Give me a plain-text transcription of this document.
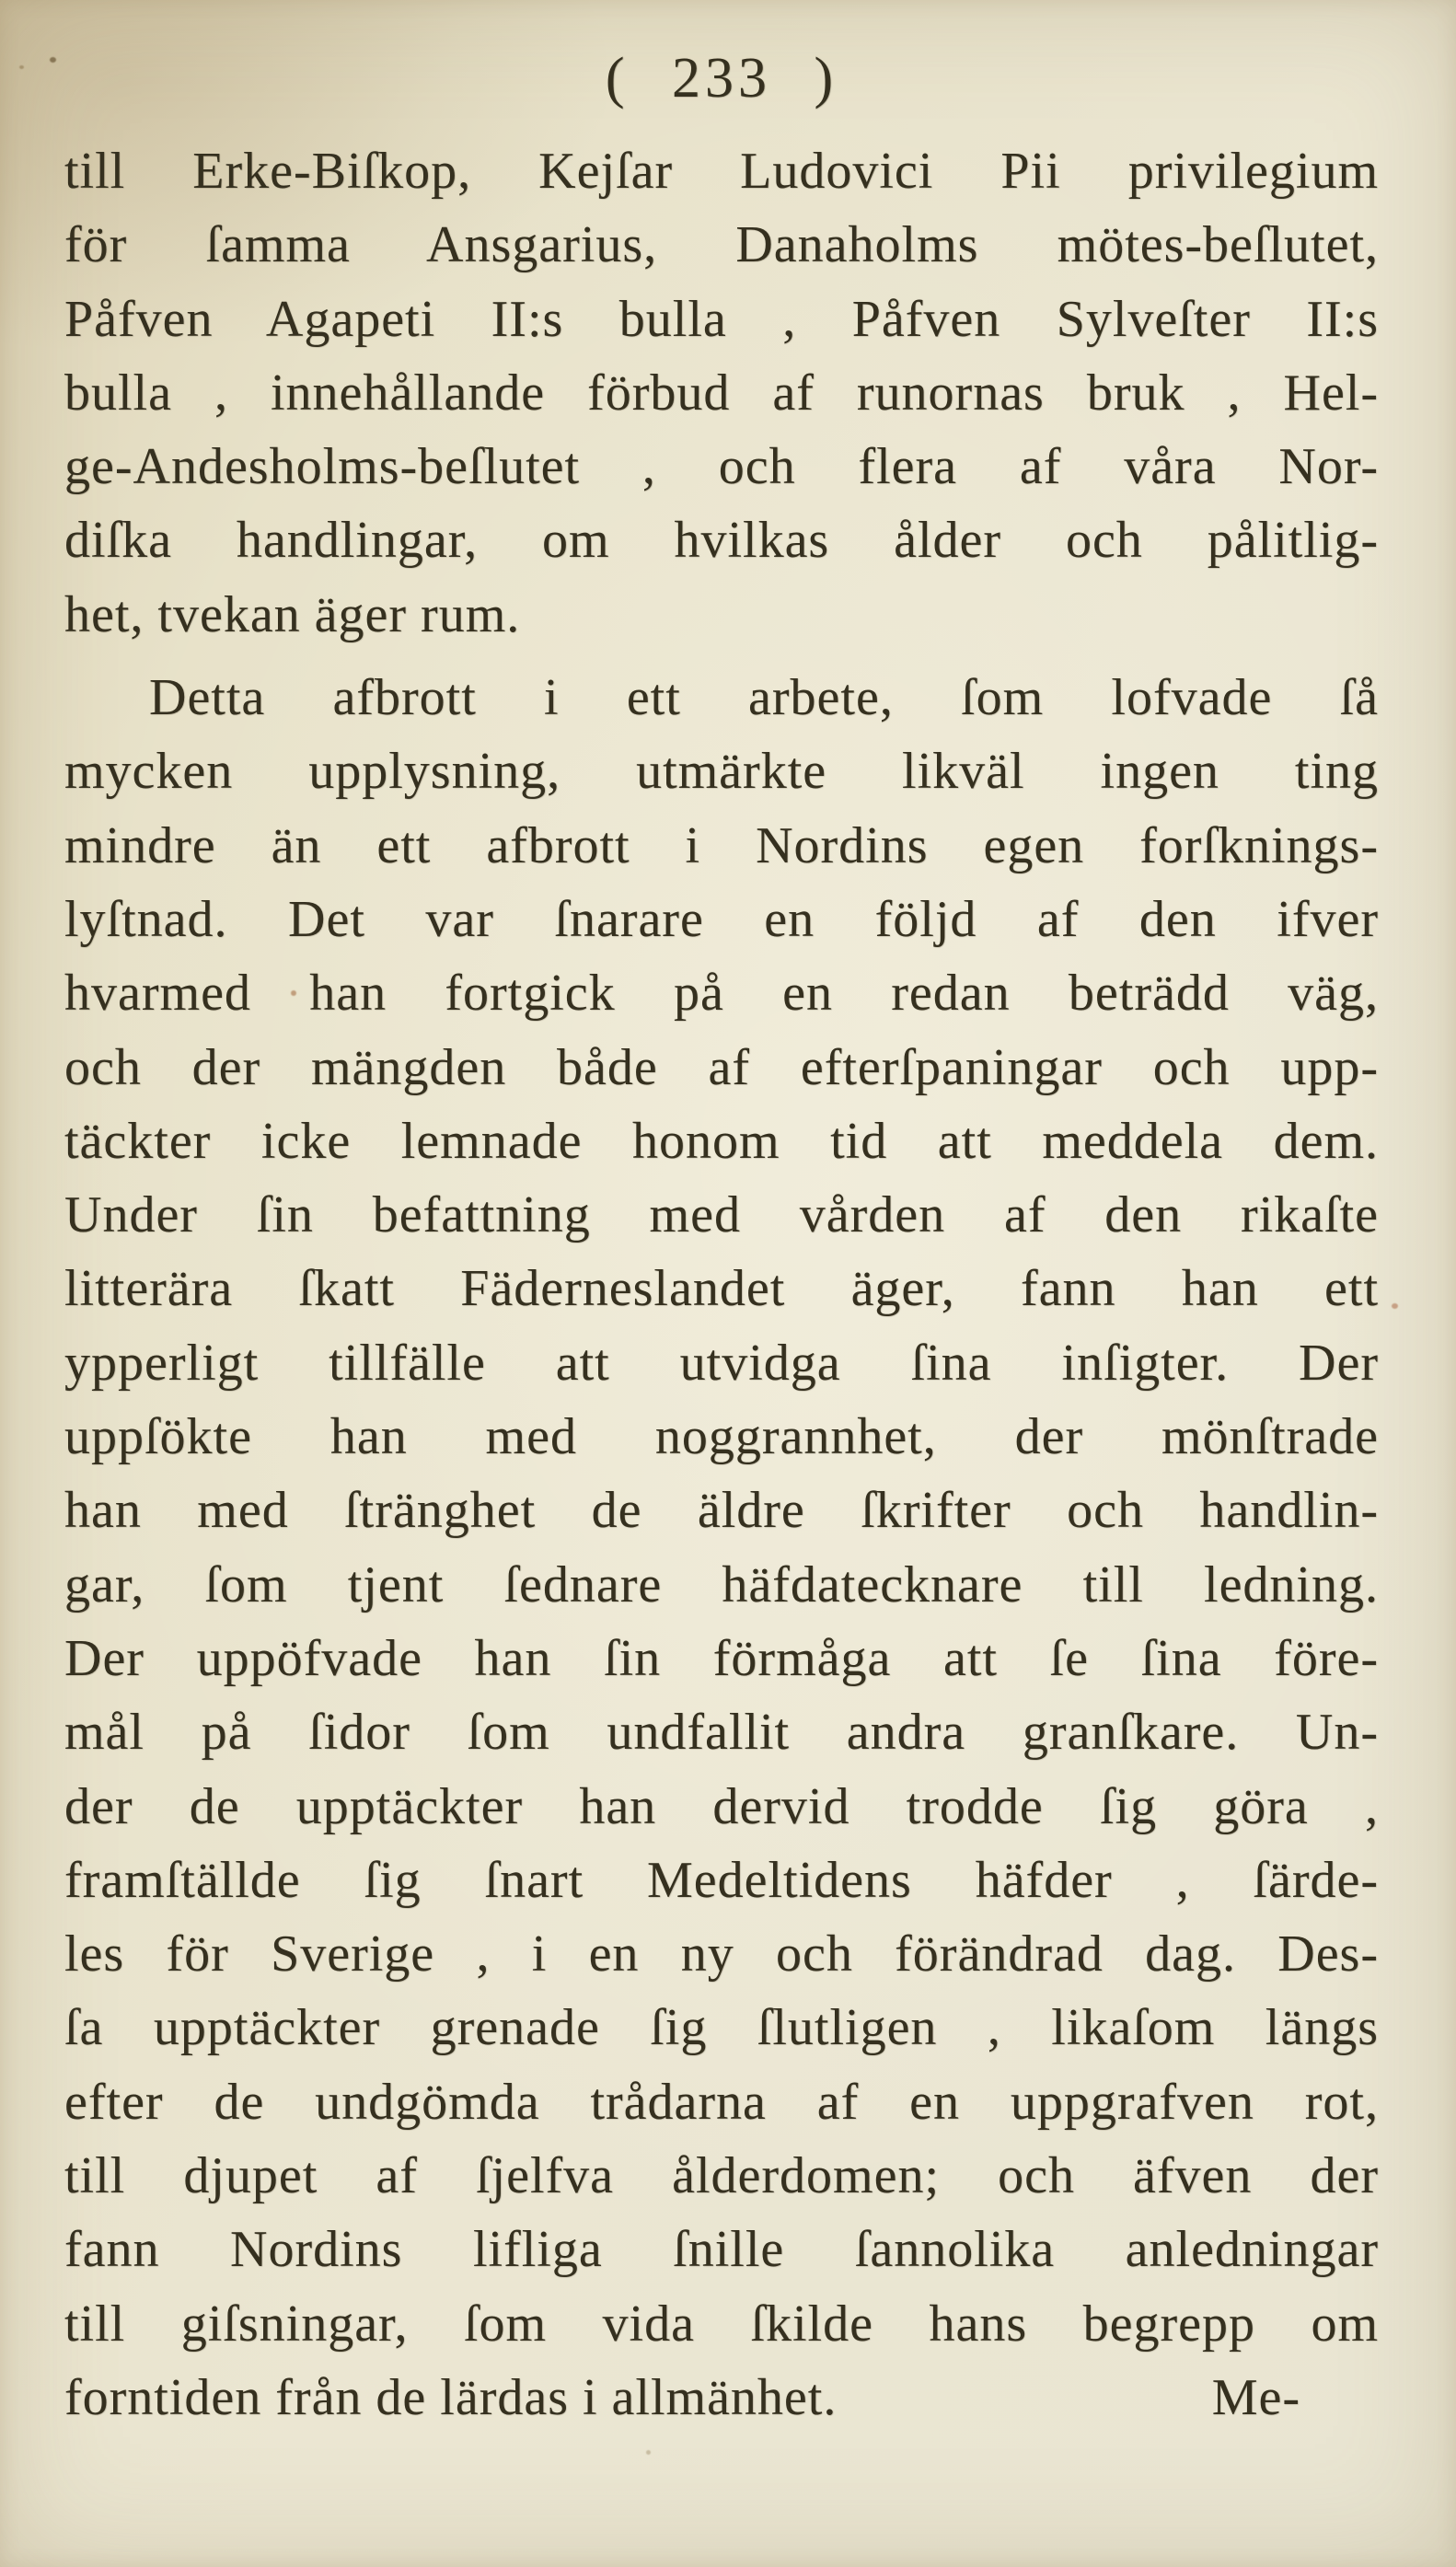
( 233 )
till Erke-Biſkop, Kejſar Ludovici Pii privilegium
för ſamma Ansgarius, Danaholms mötes-beſlutet,
Påfven Agapeti II:s bulla , Påfven Sylveſter II:s
bulla , innehållande förbud af runornas bruk , Hel-
ge-Andesholms-beſlutet , och flera af våra Nor-
diſka handlingar, om hvilkas ålder och pålitlig-
het, tvekan äger rum.
Detta afbrott i ett arbete, ſom lofvade ſå
mycken upplysning, utmärkte likväl ingen ting
mindre än ett afbrott i Nordins egen forſknings-
lyſtnad. Det var ſnarare en följd af den ifver
hvarmed han fortgick på en redan beträdd väg,
och der mängden både af efterſpaningar och upp-
täckter icke lemnade honom tid att meddela dem.
Under ſin befattning med vården af den rikaſte
litterära ſkatt Fäderneslandet äger, fann han ett
ypperligt tillfälle att utvidga ſina inſigter. Der
uppſökte han med noggrannhet, der mönſtrade
han med ſtränghet de äldre ſkrifter och handlin-
gar, ſom tjent ſednare häfdatecknare till ledning.
Der uppöfvade han ſin förmåga att ſe ſina före-
mål på ſidor ſom undfallit andra granſkare. Un-
der de upptäckter han dervid trodde ſig göra ,
framſtällde ſig ſnart Medeltidens häfder , ſärde-
les för Sverige , i en ny och förändrad dag. Des-
ſa upptäckter grenade ſig ſlutligen , likaſom längs
efter de undgömda trådarna af en uppgrafven rot,
till djupet af ſjelfva ålderdomen; och äfven der
fann Nordins lifliga ſnille ſannolika anledningar
till giſsningar, ſom vida ſkilde hans begrepp om
forntiden från de lärdas i allmänhet.	Me-
